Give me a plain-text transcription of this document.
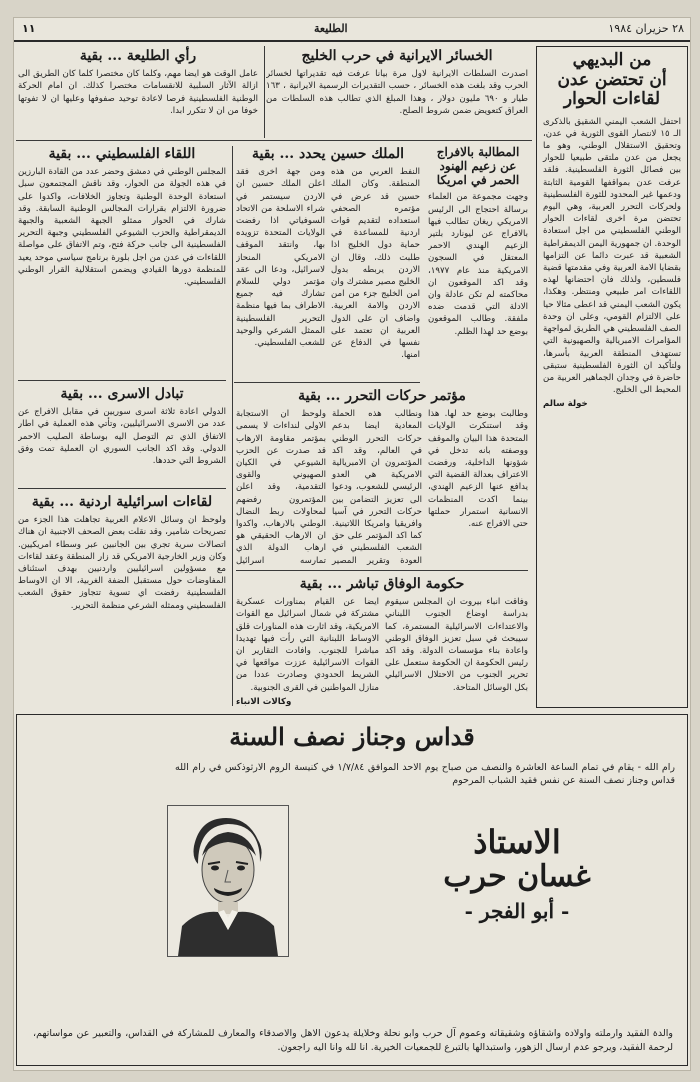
٢٨ حزيران ١٩٨٤
الطليعة
١١

من البديهي

أن تحتضن عدن لقاءات الحوار

احتفل الشعب اليمني الشقيق بالذكرى الـ ١٥ لانتصار القوى الثورية في عدن، وتحقيق الاستقلال الوطني، وهو ما يجعل من عدن ملتقى طبيعيا للحوار بين فصائل الثورة الفلسطينية. فلقد عرفت عدن بمواقفها القومية الثابتة ودعمها غير المحدود للثورة الفلسطينية ولحركات التحرر العربية، وهي اليوم تحتضن مرة اخرى لقاءات الحوار الوطني الفلسطيني من اجل استعادة الوحدة. ان جمهورية اليمن الديمقراطية الشعبية قد عبرت دائما عن التزامها بقضايا الامة العربية وفي مقدمتها قضية فلسطين، ولذلك فان احتضانها لهذه اللقاءات امر طبيعي ومنتظر. وهكذا، يكون الشعب اليمني قد اعطى مثالا حيا على الالتزام القومي، وعلى ان وحدة الصف الفلسطيني هي الطريق لمواجهة المؤامرات الامبريالية والصهيونية التي تستهدف المنطقة العربية بأسرها، ولتأكيد ان الثورة الفلسطينية ستبقى حاضرة في وجدان الجماهير العربية من المحيط الى الخليج.

خولة سالم

الخسائر الايرانية في حرب الخليج

اصدرت السلطات الايرانية لاول مرة بيانا عرفت فيه تقديراتها لخسائر الحرب وقد بلغت هذه الخسائر ، حسب التقديرات الرسمية الايرانية ، ١٦٣ طيار و ٦٩٠ مليون دولار ، وهذا المبلغ الذي تطالب هذه السلطات من العراق كتعويض ضمن شروط الصلح.

رأي الطليعة ... بقية

عامل الوقت هو ايضا مهم، وكلما كان مختصرا كلما كان الطريق الى ازالة الآثار السلبية للانقسامات مختصرا كذلك. ان امام الحركة الوطنية الفلسطينية فرصا لاعادة توحيد صفوفها وعليها ان لا تفوتها خوفا من ان لا تتكرر ابدا.

المطالبة بالافراج عن زعيم الهنود الحمر في امريكا

وجهت مجموعة من العلماء برسالة احتجاج الى الرئيس الامريكي ريغان تطالب فيها بالافراج عن ليونارد بلتير الزعيم الهندي الاحمر المعتقل في السجون الامريكية منذ عام ١٩٧٧، وقد اكد الموقعون ان محاكمته لم تكن عادلة وان الادلة التي قدمت ضده ملفقة. وطالب الموقعون بوضع حد لهذا الظلم.

الملك حسين يحدد ... بقية

النفط العربي من هذه المنطقة. وكان الملك حسين قد عرض في مؤتمره الصحفي استعداده لتقديم قوات اردنية للمساعدة في حماية دول الخليج اذا طلبت ذلك، وقال ان الاردن يربطه بدول الخليج مصير مشترك وان امن الخليج جزء من امن الاردن والامة العربية. واضاف ان على الدول العربية ان تعتمد على نفسها في الدفاع عن امنها.

ومن جهة اخرى فقد اعلن الملك حسين ان الاردن سيستمر في شراء الاسلحة من الاتحاد السوفياتي اذا رفضت الولايات المتحدة تزويده بها، وانتقد الموقف الامريكي المنحاز لاسرائيل، ودعا الى عقد مؤتمر دولي للسلام تشارك فيه جميع الاطراف بما فيها منظمة التحرير الفلسطينية الممثل الشرعي والوحيد للشعب الفلسطيني.

اللقاء الفلسطيني ... بقية

المجلس الوطني في دمشق وحضر عدد من القادة البارزين في هذه الجولة من الحوار، وقد ناقش المجتمعون سبل استعادة الوحدة الوطنية وتجاوز الخلافات، واكدوا على ضرورة الالتزام بقرارات المجالس الوطنية السابقة. وقد شارك في الحوار ممثلو الجبهة الشعبية والجبهة الديمقراطية والحزب الشيوعي الفلسطيني وجبهة التحرير الفلسطينية الى جانب حركة فتح، وتم الاتفاق على مواصلة اللقاءات في عدن من اجل بلورة برنامج سياسي موحد يعيد للمنظمة دورها القيادي ويضمن استقلالية القرار الوطني الفلسطيني.

تبادل الاسرى ... بقية

الدولي اعادة ثلاثة اسرى سوريين في مقابل الافراج عن عدد من الاسرى الاسرائيليين، وتأتي هذه العملية في اطار الاتفاق الذي تم التوصل اليه بوساطة الصليب الاحمر الدولي. وقد اكد الجانب السوري ان العملية تمت وفق الشروط التي حددها.

لقاءات اسرائيلية اردنية ... بقية

ولوحظ ان وسائل الاعلام العربية تجاهلت هذا الجزء من تصريحات شامير، وقد نقلت بعض الصحف الاجنبية ان هناك اتصالات سرية تجري بين الجانبين عبر وسطاء امريكيين. وكان وزير الخارجية الامريكي قد زار المنطقة وعقد لقاءات مع مسؤولين اسرائيليين واردنيين بهدف استئناف المفاوضات حول مستقبل الضفة الغربية، الا ان الاوساط الفلسطينية رفضت اي تسوية تتجاوز حقوق الشعب الفلسطيني وممثله الشرعي منظمة التحرير.

مؤتمر حركات التحرر ... بقية

وطالبت بوضع حد لها. هذا وقد استنكرت الولايات المتحدة هذا البيان والموقف ووصفته بانه تدخل في شؤونها الداخلية، ورفضت الاعتراف بعدالة القضية التي يدافع عنها الزعيم الهندي، بينما اكدت المنظمات الانسانية استمرار حملتها حتى الافراج عنه.

ونطالب هذه الحملة المعادية ايضا بدعم حركات التحرر الوطني في العالم، وقد اكد المؤتمرون ان الامبريالية الامريكية هي العدو الرئيسي للشعوب، ودعوا الى تعزيز التضامن بين حركات التحرر في آسيا وافريقيا وامريكا اللاتينية. كما اكد المؤتمر على حق الشعب الفلسطيني في العودة وتقرير المصير

ولوحظ ان الاستجابة الاولى لنداءات لا يسمى بمؤتمر مقاومة الارهاب قد صدرت عن الحزب الشيوعي في الكيان الصهيوني والقوى التقدمية، وقد اعلن المؤتمرون رفضهم لمحاولات ربط النضال الوطني بالارهاب، واكدوا ان الارهاب الحقيقي هو ارهاب الدولة الذي تمارسه اسرائيل

حكومة الوفاق تباشر ... بقية

وفاقت انباء بيروت ان المجلس سيقوم بدراسة اوضاع الجنوب اللبناني والاعتداءات الاسرائيلية المستمرة، كما سيبحث في سبل تعزيز الوفاق الوطني واعادة بناء مؤسسات الدولة. وقد اكد رئيس الحكومة ان الحكومة ستعمل على تحرير الجنوب من الاحتلال الاسرائيلي بكل الوسائل المتاحة.

ايضا عن القيام بمناورات عسكرية مشتركة في شمال اسرائيل مع القوات الامريكية، وقد اثارت هذه المناورات قلق الاوساط اللبنانية التي رأت فيها تهديدا مباشرا للجنوب. وافادت التقارير ان القوات الاسرائيلية عززت مواقعها في الشريط الحدودي وصادرت عددا من منازل المواطنين في القرى الجنوبية.

وكالات الانباء

قداس وجناز نصف السنة

رام الله - يقام في تمام الساعة العاشرة والنصف من صباح يوم الاحد الموافق ١/٧/٨٤ في كنيسة الروم الارثوذكس في رام الله قداس وجناز نصف السنة عن نفس فقيد الشباب المرحوم

الاستاذ

غسان حرب

- أبو الفجر -

والدة الفقيد وارملته واولاده واشقاؤه وشقيقاته وعموم آل حرب وابو نحلة وخلايلة يدعون الاهل والاصدقاء والمعارف للمشاركة في القداس، والتعبير عن مواساتهم، لرحمة الفقيد، ويرجو عدم ارسال الزهور، واستبدالها بالتبرع للجمعيات الخيرية. انا لله وانا اليه راجعون.
